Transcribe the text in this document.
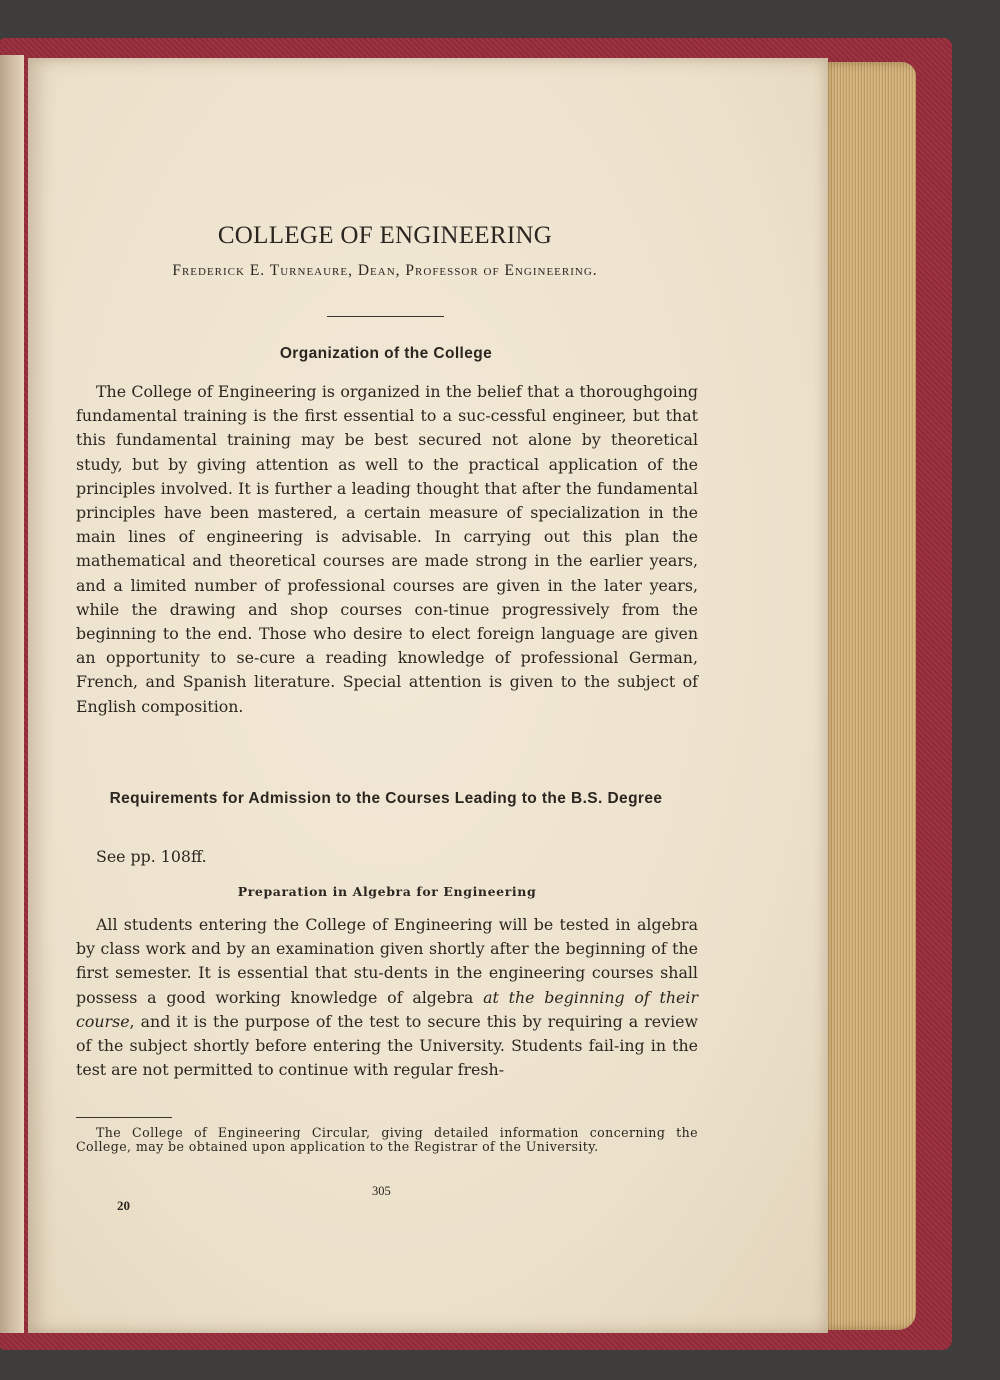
COLLEGE OF ENGINEERING
Frederick E. Turneaure, Dean, Professor of Engineering.
Organization of the College

The College of Engineering is organized in the belief that a thoroughgoing fundamental training is the first essential to a suc-cessful engineer, but that this fundamental training may be best secured not alone by theoretical study, but by giving attention as well to the practical application of the principles involved. It is further a leading thought that after the fundamental principles have been mastered, a certain measure of specialization in the main lines of engineering is advisable. In carrying out this plan the mathematical and theoretical courses are made strong in the earlier years, and a limited number of professional courses are given in the later years, while the drawing and shop courses con-tinue progressively from the beginning to the end. Those who desire to elect foreign language are given an opportunity to se-cure a reading knowledge of professional German, French, and Spanish literature. Special attention is given to the subject of English composition.

Requirements for Admission to the Courses Leading to the B.S. Degree
See pp. 108ff.
Preparation in Algebra for Engineering

All students entering the College of Engineering will be tested in algebra by class work and by an examination given shortly after the beginning of the first semester. It is essential that stu-dents in the engineering courses shall possess a good working knowledge of algebra at the beginning of their course, and it is the purpose of the test to secure this by requiring a review of the subject shortly before entering the University. Students fail-ing in the test are not permitted to continue with regular fresh-

The College of Engineering Circular, giving detailed information concerning the College, may be obtained upon application to the Registrar of the University.

305
20
